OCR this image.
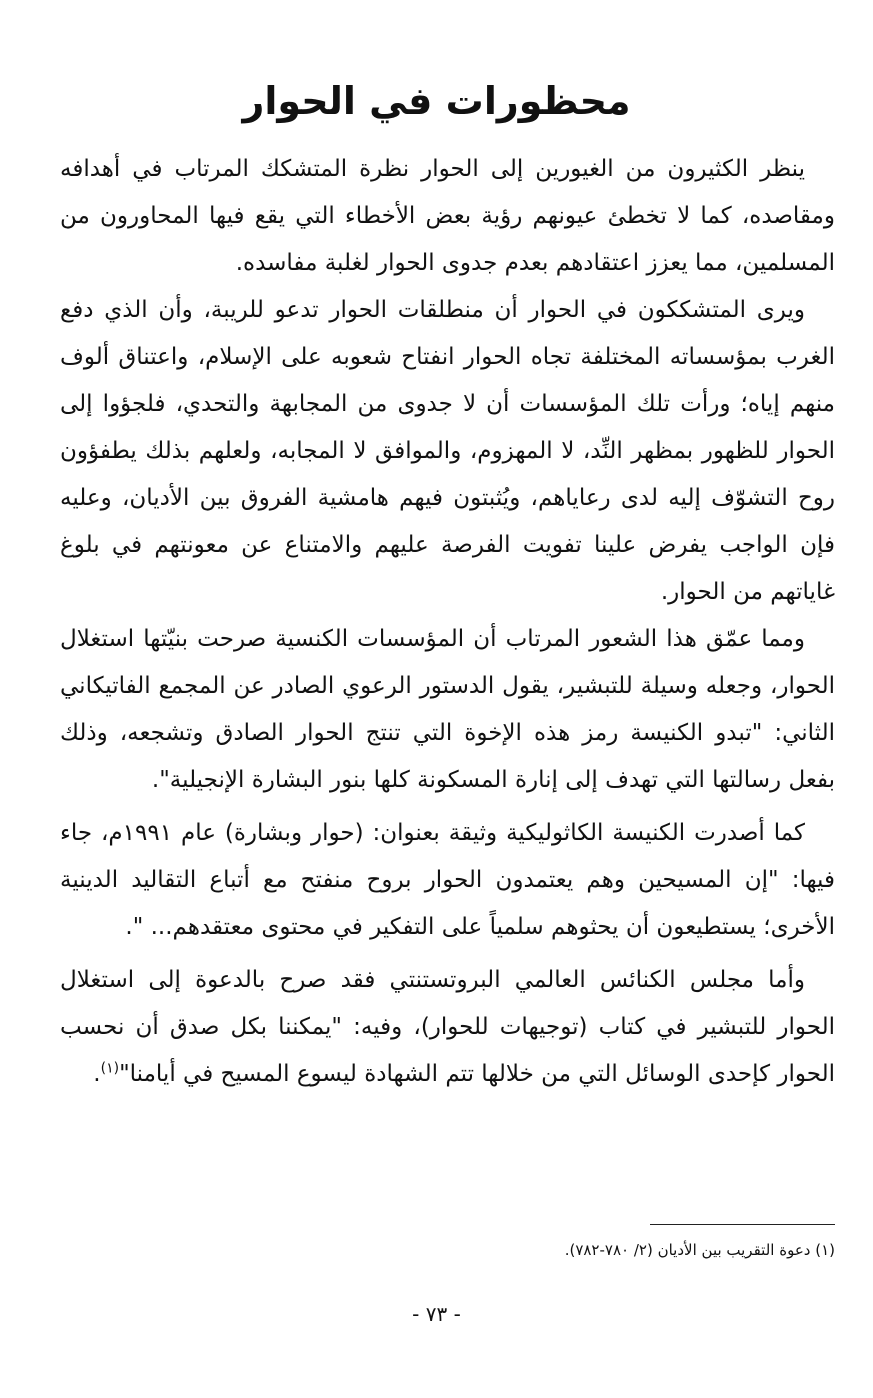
محظورات في الحوار

ينظر الكثيرون من الغيورين إلى الحوار نظرة المتشكك المرتاب في أهدافه ومقاصده، كما لا تخطئ عيونهم رؤية بعض الأخطاء التي يقع فيها المحاورون من المسلمين، مما يعزز اعتقادهم بعدم جدوى الحوار لغلبة مفاسده.

ويرى المتشككون في الحوار أن منطلقات الحوار تدعو للريبة، وأن الذي دفع الغرب بمؤسساته المختلفة تجاه الحوار انفتاح شعوبه على الإسلام، واعتناق ألوف منهم إياه؛ ورأت تلك المؤسسات أن لا جدوى من المجابهة والتحدي، فلجؤوا إلى الحوار للظهور بمظهر النِّد، لا المهزوم، والموافق لا المجابه، ولعلهم بذلك يطفؤون روح التشوّف إليه لدى رعاياهم، ويُثبتون فيهم هامشية الفروق بين الأديان، وعليه فإن الواجب يفرض علينا تفويت الفرصة عليهم والامتناع عن معونتهم في بلوغ غاياتهم من الحوار.

ومما عمّق هذا الشعور المرتاب أن المؤسسات الكنسية صرحت بنيّتها استغلال الحوار، وجعله وسيلة للتبشير، يقول الدستور الرعوي الصادر عن المجمع الفاتيكاني الثاني: "تبدو الكنيسة رمز هذه الإخوة التي تنتج الحوار الصادق وتشجعه، وذلك بفعل رسالتها التي تهدف إلى إنارة المسكونة كلها بنور البشارة الإنجيلية".

كما أصدرت الكنيسة الكاثوليكية وثيقة بعنوان: (حوار وبشارة) عام ١٩٩١م، جاء فيها: "إن المسيحين وهم يعتمدون الحوار بروح منفتح مع أتباع التقاليد الدينية الأخرى؛ يستطيعون أن يحثوهم سلمياً على التفكير في محتوى معتقدهم... ".

وأما مجلس الكنائس العالمي البروتستنتي فقد صرح بالدعوة إلى استغلال الحوار للتبشير في كتاب (توجيهات للحوار)، وفيه: "يمكننا بكل صدق أن نحسب الحوار كإحدى الوسائل التي من خلالها تتم الشهادة ليسوع المسيح في أيامنا"$^{(١)}$.

(١) دعوة التقريب بين الأديان (٢/ ٧٨٠-٧٨٢).
- ٧٣ -
